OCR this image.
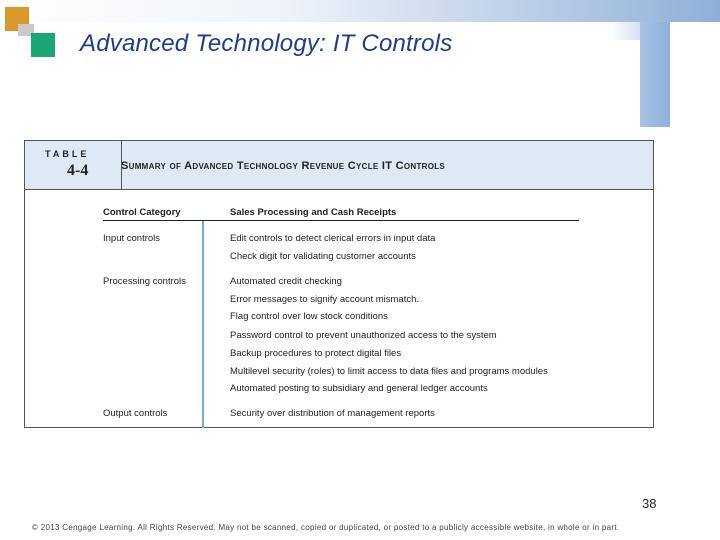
Advanced Technology: IT Controls
TABLE
4-4	Summary of Advanced Technology Revenue Cycle IT Controls
Control Category	Sales Processing and Cash Receipts
Input controls	Edit controls to detect clerical errors in input data
Check digit for validating customer accounts
Processing controls	Automated credit checking
Error messages to signify account mismatch.
Flag control over low stock conditions
Password control to prevent unauthorized access to the system
Backup procedures to protect digital files
Multilevel security (roles) to limit access to data files and programs modules
Automated posting to subsidiary and general ledger accounts
Output controls	Security over distribution of management reports
38
© 2013 Cengage Learning. All Rights Reserved. May not be scanned, copied or duplicated, or posted to a publicly accessible website, in whole or in part.
